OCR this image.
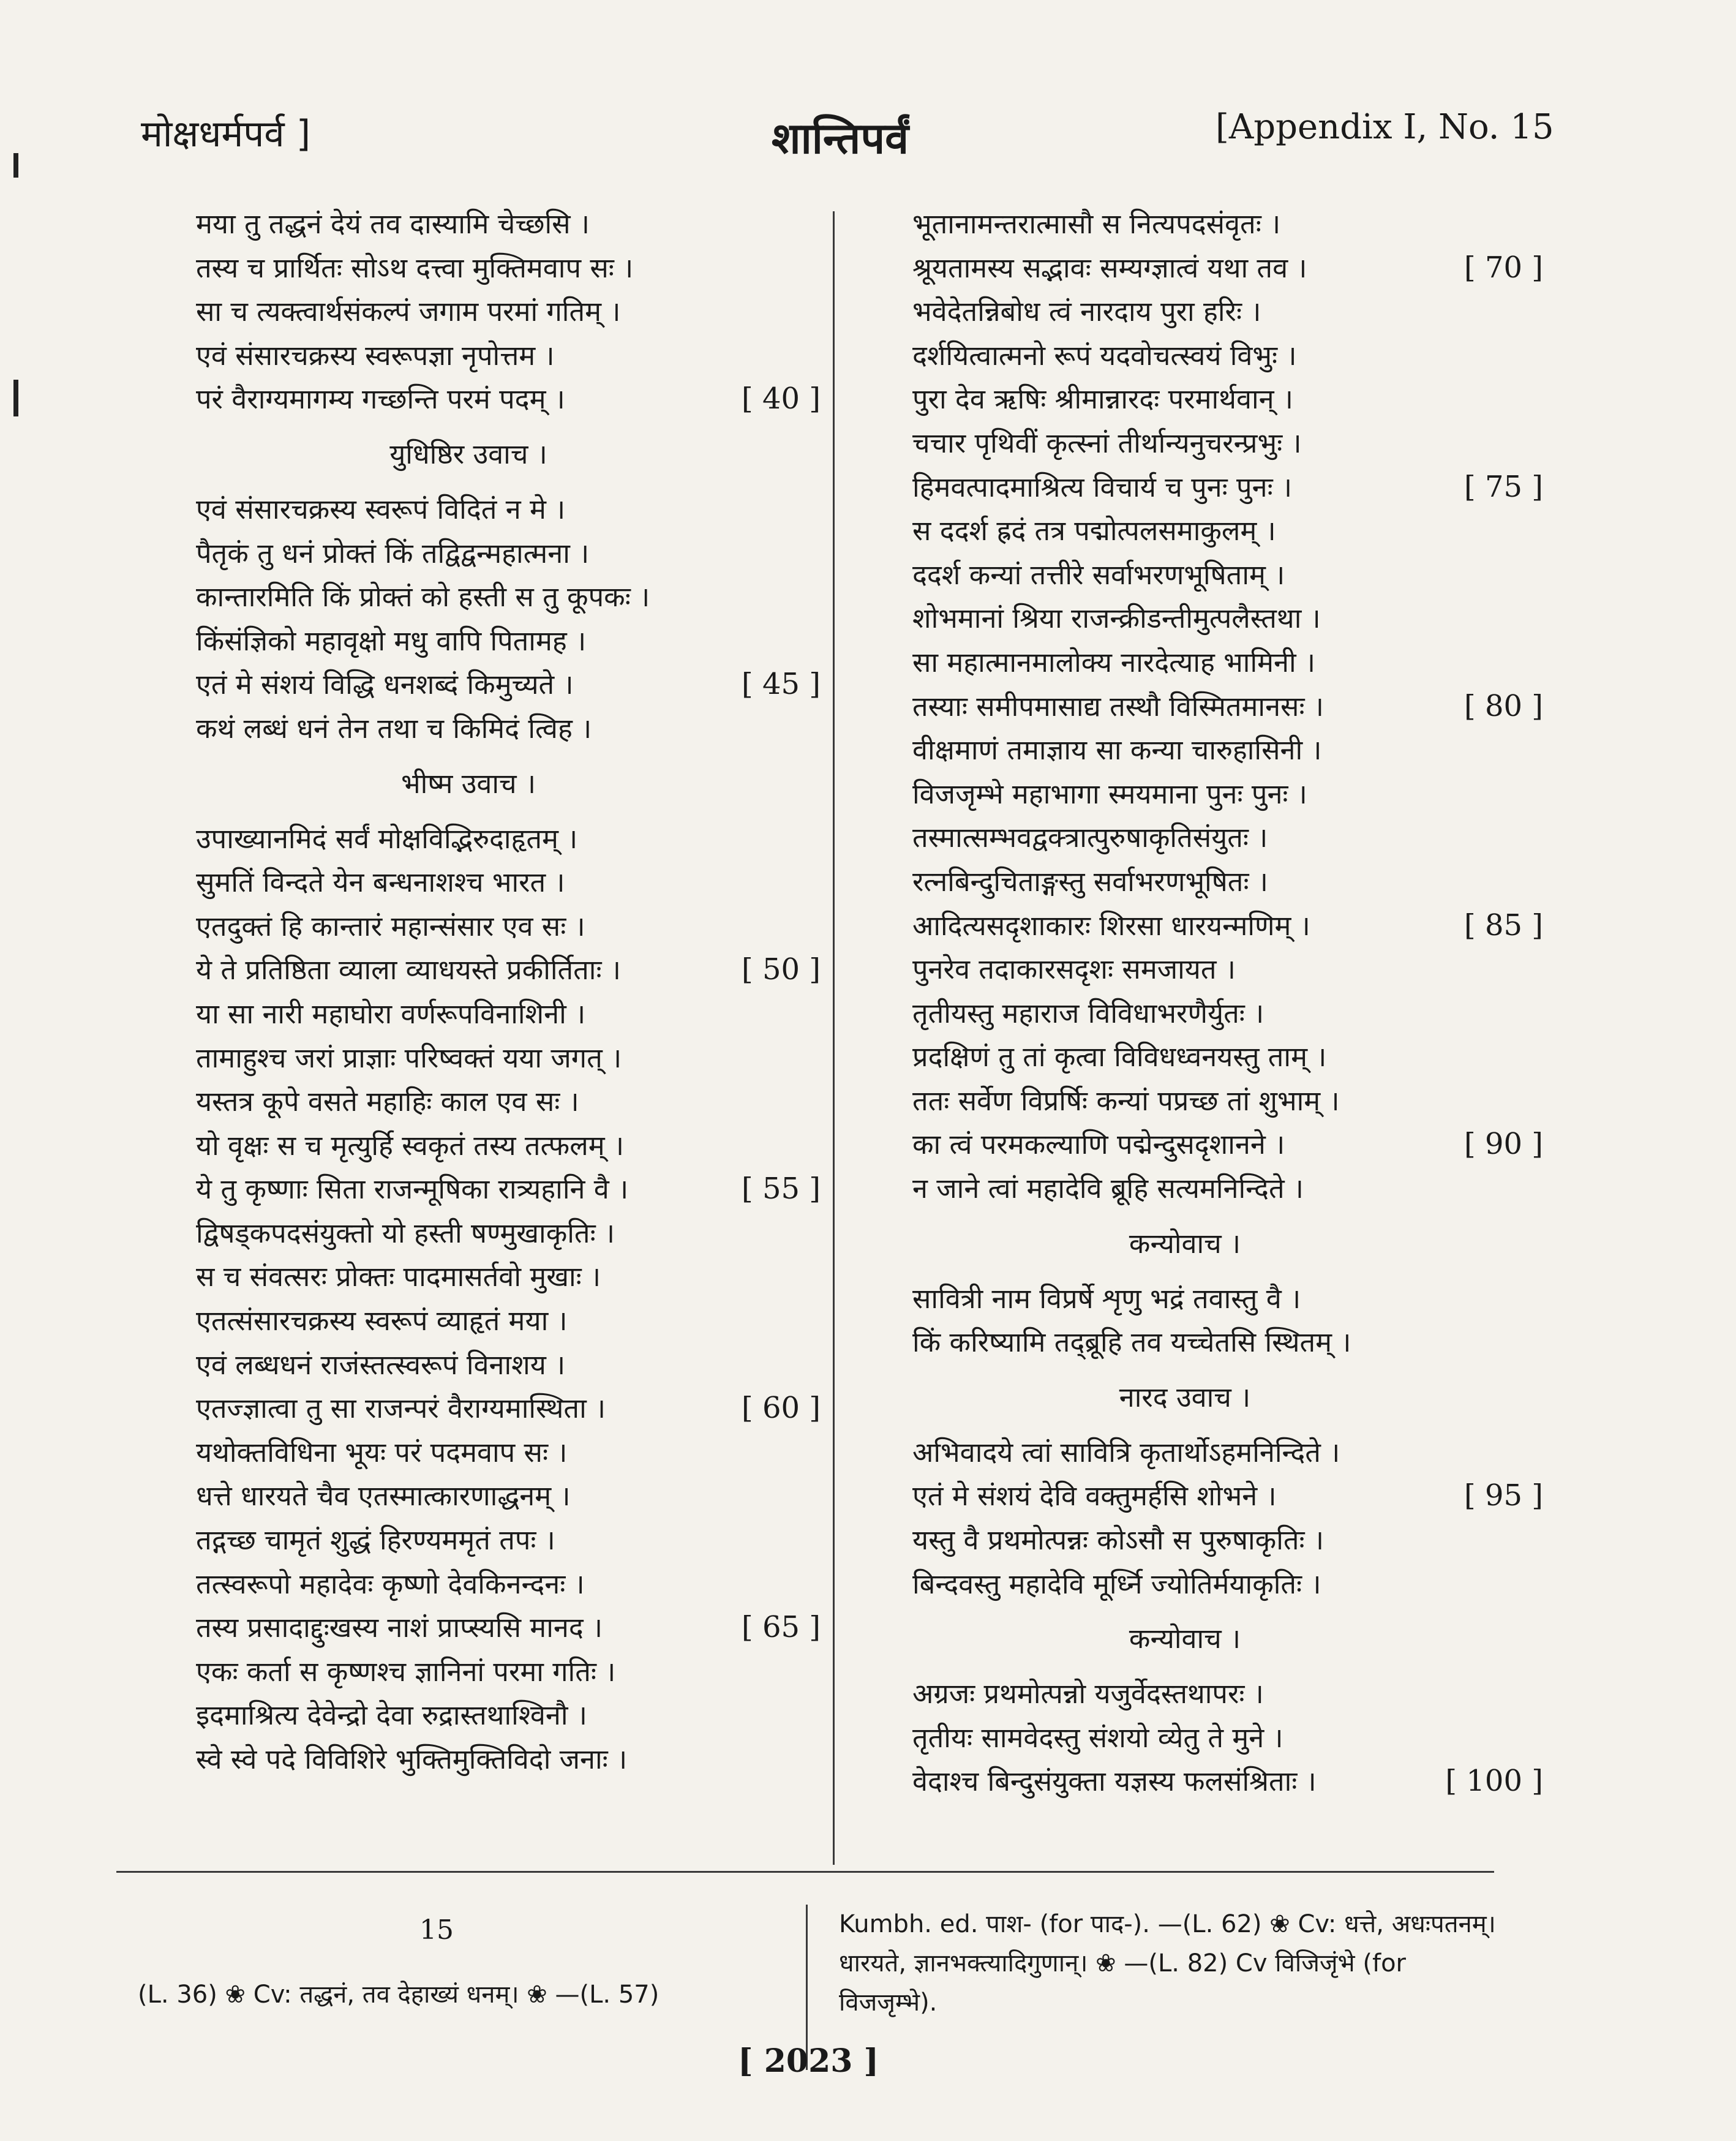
मोक्षधर्मपर्व ]	शान्तिपर्वं	[Appendix I, No. 15
मया तु तद्धनं देयं तव दास्यामि चेच्छसि ।
तस्य च प्रार्थितः सोऽथ दत्त्वा मुक्तिमवाप सः ।
सा च त्यक्त्वार्थसंकल्पं जगाम परमां गतिम् ।
एवं संसारचक्रस्य स्वरूपज्ञा नृपोत्तम ।
परं वैराग्यमागम्य गच्छन्ति परमं पदम् ।	[ 40 ]
युधिष्ठिर उवाच ।
एवं संसारचक्रस्य स्वरूपं विदितं न मे ।
पैतृकं तु धनं प्रोक्तं किं तद्विद्वन्महात्मना ।
कान्तारमिति किं प्रोक्तं को हस्ती स तु कूपकः ।
किंसंज्ञिको महावृक्षो मधु वापि पितामह ।
एतं मे संशयं विद्धि धनशब्दं किमुच्यते ।	[ 45 ]
कथं लब्धं धनं तेन तथा च किमिदं त्विह ।
भीष्म उवाच ।
उपाख्यानमिदं सर्वं मोक्षविद्भिरुदाहृतम् ।
सुमतिं विन्दते येन बन्धनाशश्च भारत ।
एतदुक्तं हि कान्तारं महान्संसार एव सः ।
ये ते प्रतिष्ठिता व्याला व्याधयस्ते प्रकीर्तिताः ।	[ 50 ]
या सा नारी महाघोरा वर्णरूपविनाशिनी ।
तामाहुश्च जरां प्राज्ञाः परिष्वक्तं यया जगत् ।
यस्तत्र कूपे वसते महाहिः काल एव सः ।
यो वृक्षः स च मृत्युर्हि स्वकृतं तस्य तत्फलम् ।
ये तु कृष्णाः सिता राजन्मूषिका रात्र्यहानि वै ।	[ 55 ]
द्विषड्कपदसंयुक्तो यो हस्ती षण्मुखाकृतिः ।
स च संवत्सरः प्रोक्तः पादमासर्तवो मुखाः ।
एतत्संसारचक्रस्य स्वरूपं व्याहृतं मया ।
एवं लब्धधनं राजंस्तत्स्वरूपं विनाशय ।
एतज्ज्ञात्वा तु सा राजन्परं वैराग्यमास्थिता ।	[ 60 ]
यथोक्तविधिना भूयः परं पदमवाप सः ।
धत्ते धारयते चैव एतस्मात्कारणाद्धनम् ।
तद्गच्छ चामृतं शुद्धं हिरण्यममृतं तपः ।
तत्स्वरूपो महादेवः कृष्णो देवकिनन्दनः ।
तस्य प्रसादाद्दुःखस्य नाशं प्राप्स्यसि मानद ।	[ 65 ]
एकः कर्ता स कृष्णश्च ज्ञानिनां परमा गतिः ।
इदमाश्रित्य देवेन्द्रो देवा रुद्रास्तथाश्विनौ ।
स्वे स्वे पदे विविशिरे भुक्तिमुक्तिविदो जनाः ।
भूतानामन्तरात्मासौ स नित्यपदसंवृतः ।
श्रूयतामस्य सद्भावः सम्यग्ज्ञात्वं यथा तव ।	[ 70 ]
भवेदेतन्निबोध त्वं नारदाय पुरा हरिः ।
दर्शयित्वात्मनो रूपं यदवोचत्स्वयं विभुः ।
पुरा देव ऋषिः श्रीमान्नारदः परमार्थवान् ।
चचार पृथिवीं कृत्स्नां तीर्थान्यनुचरन्प्रभुः ।
हिमवत्पादमाश्रित्य विचार्य च पुनः पुनः ।	[ 75 ]
स ददर्श ह्रदं तत्र पद्मोत्पलसमाकुलम् ।
ददर्श कन्यां तत्तीरे सर्वाभरणभूषिताम् ।
शोभमानां श्रिया राजन्क्रीडन्तीमुत्पलैस्तथा ।
सा महात्मानमालोक्य नारदेत्याह भामिनी ।
तस्याः समीपमासाद्य तस्थौ विस्मितमानसः ।	[ 80 ]
वीक्षमाणं तमाज्ञाय सा कन्या चारुहासिनी ।
विजजृम्भे महाभागा स्मयमाना पुनः पुनः ।
तस्मात्सम्भवद्वक्त्रात्पुरुषाकृतिसंयुतः ।
रत्नबिन्दुचिताङ्गस्तु सर्वाभरणभूषितः ।
आदित्यसदृशाकारः शिरसा धारयन्मणिम् ।	[ 85 ]
पुनरेव तदाकारसदृशः समजायत ।
तृतीयस्तु महाराज विविधाभरणैर्युतः ।
प्रदक्षिणं तु तां कृत्वा विविधध्वनयस्तु ताम् ।
ततः सर्वेण विप्रर्षिः कन्यां पप्रच्छ तां शुभाम् ।
का त्वं परमकल्याणि पद्मेन्दुसदृशानने ।	[ 90 ]
न जाने त्वां महादेवि ब्रूहि सत्यमनिन्दिते ।
कन्योवाच ।
सावित्री नाम विप्रर्षे शृणु भद्रं तवास्तु वै ।
किं करिष्यामि तद्ब्रूहि तव यच्चेतसि स्थितम् ।
नारद उवाच ।
अभिवादये त्वां सावित्रि कृतार्थोऽहमनिन्दिते ।
एतं मे संशयं देवि वक्तुमर्हसि शोभने ।	[ 95 ]
यस्तु वै प्रथमोत्पन्नः कोऽसौ स पुरुषाकृतिः ।
बिन्दवस्तु महादेवि मूर्ध्नि ज्योतिर्मयाकृतिः ।
कन्योवाच ।
अग्रजः प्रथमोत्पन्नो यजुर्वेदस्तथापरः ।
तृतीयः सामवेदस्तु संशयो व्येतु ते मुने ।
वेदाश्च बिन्दुसंयुक्ता यज्ञस्य फलसंश्रिताः ।	[ 100 ]
15
(L. 36) ❀ Cv: तद्धनं, तव देहाख्यं धनम्। ❀ —(L. 57)
Kumbh. ed. पाश- (for पाद-). —(L. 62) ❀ Cv: धत्ते, अधःपतनम्। धारयते, ज्ञानभक्त्यादिगुणान्। ❀ —(L. 82) Cv विजिजृंभे (for विजजृम्भे).
[ 2023 ]
